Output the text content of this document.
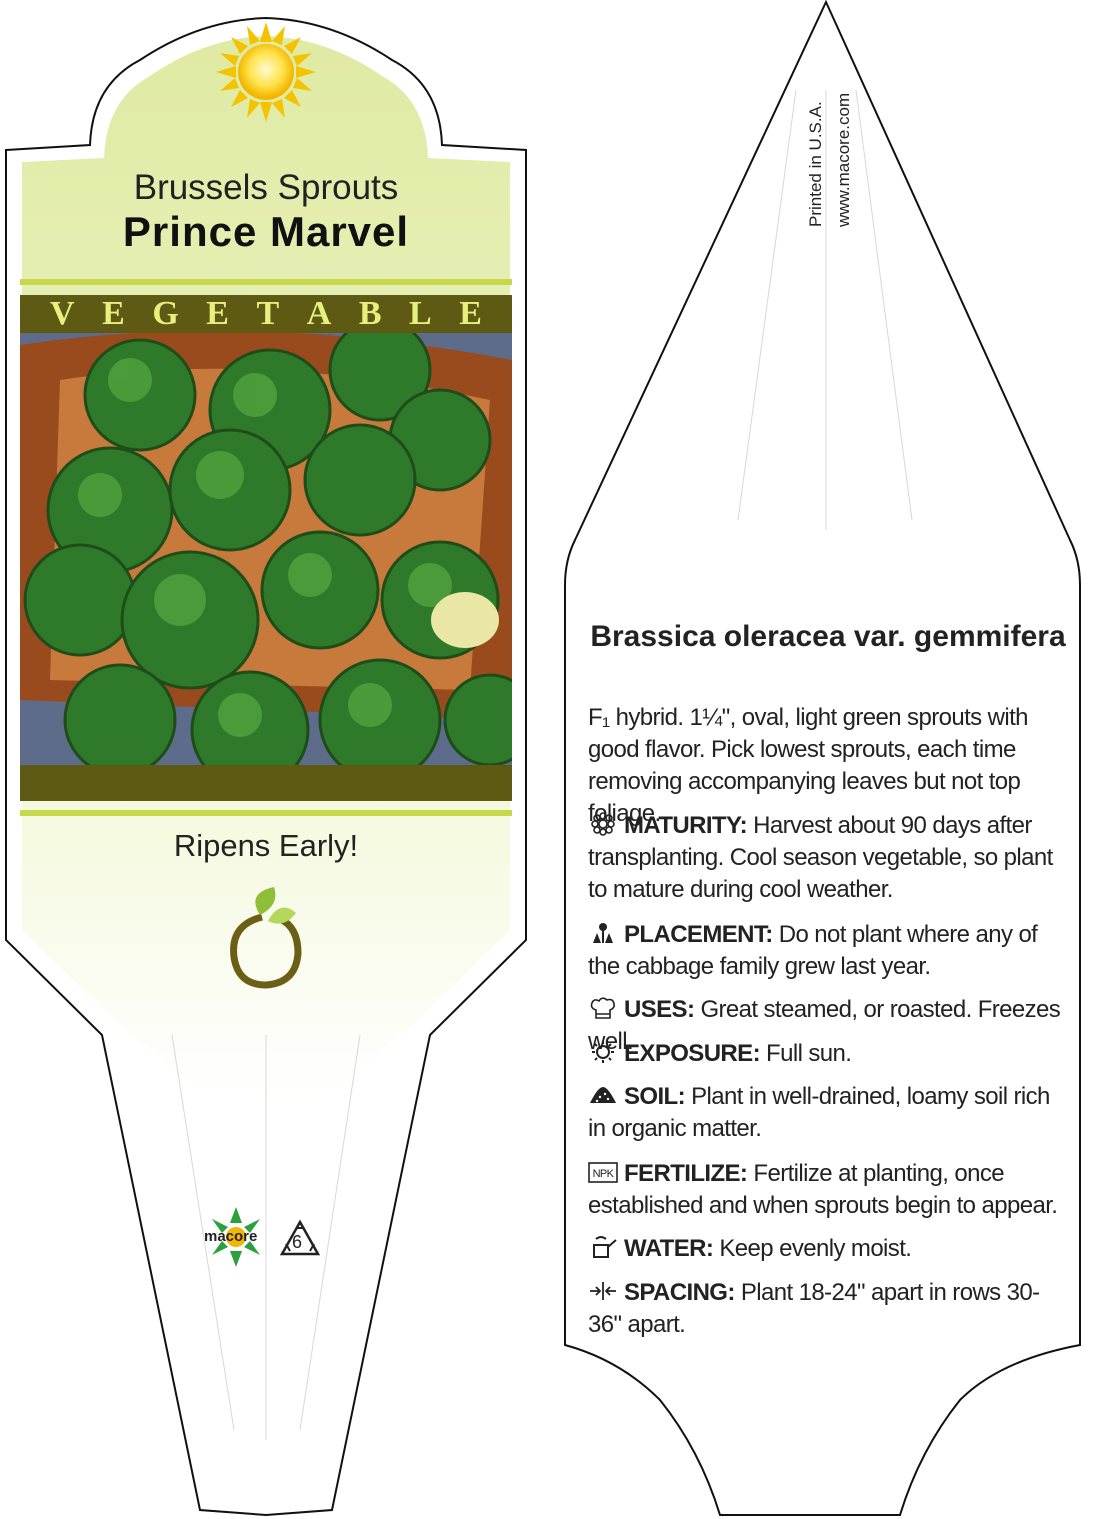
Brussels Sprouts
Prince Marvel
V E G E T A B L E
Ripens Early!
macore 6
Printed in U.S.A. www.macore.com
Brassica oleracea var. gemmifera
F₁ hybrid. 1¼", oval, light green sprouts with good flavor. Pick lowest sprouts, each time removing accompanying leaves but not top foliage.
MATURITY: Harvest about 90 days after transplanting. Cool season vegetable, so plant to mature during cool weather.
PLACEMENT: Do not plant where any of the cabbage family grew last year.
USES: Great steamed, or roasted. Freezes well.
EXPOSURE: Full sun.
SOIL: Plant in well-drained, loamy soil rich in organic matter.
NPK FERTILIZE: Fertilize at planting, once established and when sprouts begin to appear.
WATER: Keep evenly moist.
SPACING: Plant 18-24" apart in rows 30-36" apart.
